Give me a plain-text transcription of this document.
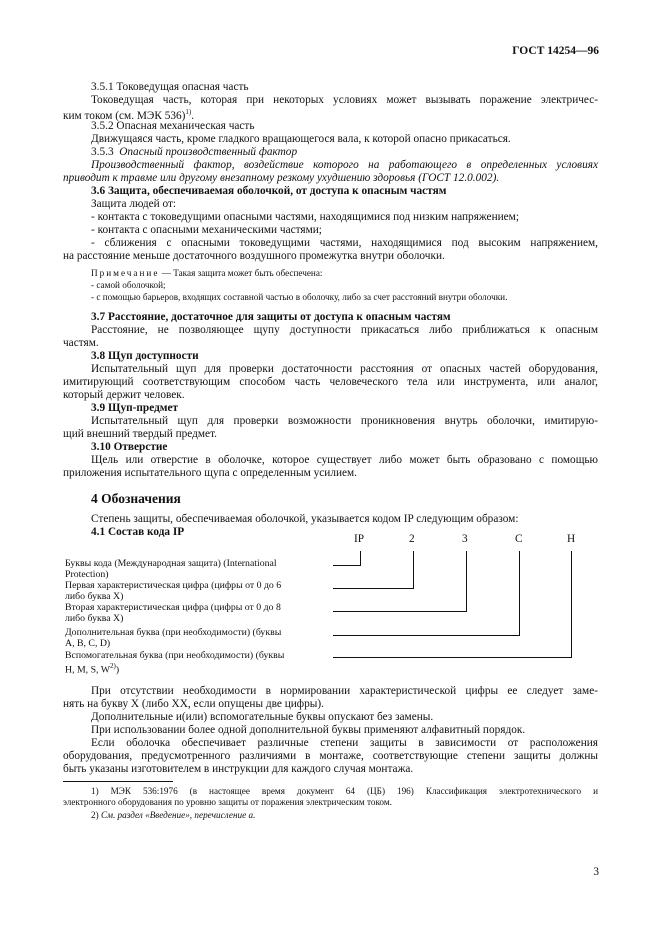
ГОСТ 14254—96
3.5.1 Токоведущая опасная часть
Токоведущая часть, которая при некоторых условиях может вызывать поражение электричес-
ким током (см. МЭК 536)$^{1)}$.
3.5.2 Опасная механическая часть
Движущаяся часть, кроме гладкого вращающегося вала, к которой опасно прикасаться.
3.5.3 Опасный производственный фактор
Производственный фактор, воздействие которого на работающего в определенных условиях
приводит к травме или другому внезапному резкому ухудшению здоровья (ГОСТ 12.0.002).
3.6 Защита, обеспечиваемая оболочкой, от доступа к опасным частям
Защита людей от:
- контакта с токоведущими опасными частями, находящимися под низким напряжением;
- контакта с опасными механическими частями;
- сближения с опасными токоведущими частями, находящимися под высоким напряжением,
на расстояние меньше достаточного воздушного промежутка внутри оболочки.
Примечание — Такая защита может быть обеспечена:
- самой оболочкой;
- с помощью барьеров, входящих составной частью в оболочку, либо за счет расстояний внутри оболочки.
3.7 Расстояние, достаточное для защиты от доступа к опасным частям
Расстояние, не позволяющее щупу доступности прикасаться либо приближаться к опасным
частям.
3.8 Щуп доступности
Испытательный щуп для проверки достаточности расстояния от опасных частей оборудования,
имитирующий соответствующим способом часть человеческого тела или инструмента, или аналог,
который держит человек.
3.9 Щуп-предмет
Испытательный щуп для проверки возможности проникновения внутрь оболочки, имитирую-
щий внешний твердый предмет.
3.10 Отверстие
Щель или отверстие в оболочке, которое существует либо может быть образовано с помощью
приложения испытательного щупа с определенным усилием.
4 Обозначения
Степень защиты, обеспечиваемая оболочкой, указывается кодом IP следующим образом:
4.1 Состав кода IP
IP	2	3	C	H
Буквы кода (Международная защита) (International
Protection)
Первая характеристическая цифра (цифры от 0 до 6
либо буква X)
Вторая характеристическая цифра (цифры от 0 до 8
либо буква X)
Дополнительная буква (при необходимости) (буквы
A, B, C, D)
Вспомогательная буква (при необходимости) (буквы
H, M, S, $W^{2)}$)
При отсутствии необходимости в нормировании характеристической цифры ее следует заме-
нять на букву X (либо XX, если опущены две цифры).
Дополнительные и(или) вспомогательные буквы опускают без замены.
При использовании более одной дополнительной буквы применяют алфавитный порядок.
Если оболочка обеспечивает различные степени защиты в зависимости от расположения
оборудования, предусмотренного различиями в монтаже, соответствующие степени защиты должны
быть указаны изготовителем в инструкции для каждого случая монтажа.
1) МЭК 536:1976 (в настоящее время документ 64 (ЦБ) 196) Классификация электротехнического и
электронного оборудования по уровню защиты от поражения электрическим током.
2) См. раздел «Введение», перечисление а.
3
